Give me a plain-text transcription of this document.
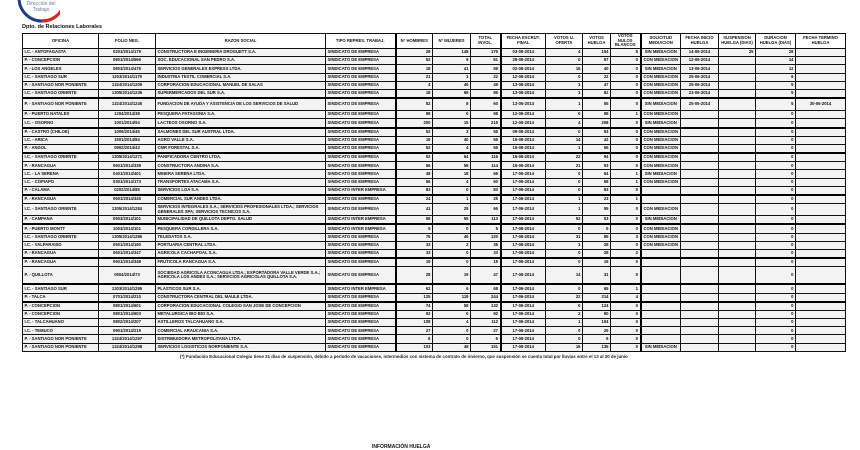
Dirección del
Trabajo
Dpto. de Relaciones Laborales
OFICINA	FOLIO NEG.	RAZON SOCIAL	TIPO REPRES. TRABAJ.	N° HOMBRES	N° MUJERES	TOTAL INVOL.	FECHA ESCRUT. FINAL	VOTOS U. OFERTA	VOTOS HUELGA	VOTOS NULOS BLANCOS	SOLICITUD MEDIACION	FECHA INICIO HUELGA	SUSPENSION HUELGA (DIAS)	DURACION HUELGA (DIAS)	FECHA TERMINO HUELGA
I.C. - ANTOFAGASTA	0201/2014/179	CONSTRUCTORA E INGENIERIA DROGUETT S.A.	SINDICATO DE EMPRESA	28	148	176	03-06-2014	4	154	5	SIN MEDIACION	14-06-2014	25	28	
P. - CONCEPCION	0801/2014/566	SOC. EDUCACIONAL SAN PEDRO S.A.	SINDICATO DE EMPRESA	52	9	61	28-05-2014	0	57	0	CON MEDIACION	12-06-2014		14	
P. - LOS ANGELES	0803/2014/475	SERVICIOS GENERALES EXPRESS LTDA.	SINDICATO DE EMPRESA	18	41	59	02-06-2014	16	40	0	SIN MEDIACION	13-06-2014		12	
I.C. - SANTIAGO SUR	1303/2014/1179	INDUSTRIA TEXTIL COMERCIAL S.A.	SINDICATO DE EMPRESA	21	1	22	12-06-2014	0	22	0	CON MEDIACION	25-06-2014		6	
P. - SANTIAGO NOR PONIENTE	1324/2014/1209	CORPORACION EDUCACIONAL MANUEL DE SALAS	SINDICATO DE EMPRESA	4	45	49	13-06-2014	1	47	0	CON MEDIACION	25-06-2014		5	
I.C. - SANTIAGO ORIENTE	1305/2014/1236	SUPERMERCADOS DEL SUR S.A.	SINDICATO DE EMPRESA	18	68	86	13-06-2014	1	82	0	CON MEDIACION	23-06-2014		5	
P. - SANTIAGO NOR PONIENTE	1324/2014/1245	FUNDACION DE AYUDA Y ASISTENCIA DE LOS SERVICIOS DE SALUD	SINDICATO DE EMPRESA	52	8	60	13-06-2014	1	55	0	SIN MEDIACION	25-06-2014		5	30-06-2014
P. - PUERTO NATALES	1204/2014/38	PESQUERA PATAGONIA S.A.	SINDICATO DE EMPRESA	98	0	98	12-06-2014	0	98	1	CON MEDIACION			0	
I.C. - OSORNO	1001/2014/94	LACTEOS OSORNO S.A.	SINDICATO DE EMPRESA	200	15	215	12-06-2014	4	208	0	SIN MEDIACION			0	
P. - CASTRO (CHILOE)	1005/2014/45	SALMONES DEL SUR AUSTRAL LTDA.	SINDICATO DE EMPRESA	52	3	55	09-06-2014	0	53	0	CON MEDIACION			0	
I.C. - ARICA	1501/2014/84	AGRO VALLE S.A.	SINDICATO DE EMPRESA	16	40	56	16-06-2014	14	42	0	CON MEDIACION			0	
P. - ANGOL	0902/2014/43	CMR FORESTAL S.A.	SINDICATO DE EMPRESA	52	4	56	16-06-2014	1	55	0	CON MEDIACION			0	
I.C. - SANTIAGO ORIENTE	1305/2014/1271	PANIFICADORA CENTRO LTDA.	SINDICATO DE EMPRESA	52	64	116	16-06-2014	22	94	0	CON MEDIACION			0	
P. - RANCAGUA	0601/2014/339	CONSTRUCTORA ANDINA S.A.	SINDICATO DE EMPRESA	56	58	114	16-06-2014	21	93	0	CON MEDIACION			0	
I.C. - LA SERENA	0401/2014/401	MINERA SERENA LTDA.	SINDICATO DE EMPRESA	48	18	66	17-06-2014	0	64	1	SIN MEDIACION			0	
I.C. - COPIAPO	0301/2014/173	TRANSPORTES ATACAMA S.A.	SINDICATO DE EMPRESA	56	4	60	17-06-2014	0	58	1	CON MEDIACION			0	
P. - CALAMA	0202/2014/85	SERVICIOS LOA S.A.	SINDICATO INTER EMPRESA	83	0	83	17-06-2014	0	83	0				0	
P. - RANCAGUA	0601/2014/345	COMERCIAL SUR ANDES LTDA.	SINDICATO DE EMPRESA	24	1	25	17-06-2014	1	23	1				0	
I.C. - SANTIAGO ORIENTE	1305/2014/1284	SERVICIOS INTEGRALES S.A.; SERVICIOS PROFESIONALES LTDA.; SERVICIOS GENERALES SPA; SERVICIOS TECNICOS S.A.	SINDICATO DE EMPRESA	41	25	66	17-06-2014	1	55	0	CON MEDIACION			0	
P. - CAMPANA	0503/2014/101	MUNICIPALIDAD DE QUILLOTA DEPTO. SALUD	SINDICATO INTER EMPRESA	58	55	113	17-06-2014	52	53	0	SIN MEDIACION			0	
P. - PUERTO MONTT	1003/2014/101	PESQUERA CORDILLERA S.A.	SINDICATO INTER EMPRESA	5	0	5	17-06-2014	0	5	0	CON MEDIACION			0	
I.C. - SANTIAGO ORIENTE	1305/2014/1286	TELEDATOS S.A.	SINDICATO DE EMPRESA	75	45	120	17-06-2014	31	85	3	CON MEDIACION			0	
I.C. - VALPARAISO	0501/2014/190	PORTUARIA CENTRAL LTDA.	SINDICATO DE EMPRESA	33	2	35	17-06-2014	1	28	0	CON MEDIACION			0	
P. - RANCAGUA	0601/2014/347	AGRICOLA CACHAPOAL S.A.	SINDICATO DE EMPRESA	33	0	33	17-06-2014	0	28	2				0	
P. - RANCAGUA	0601/2014/348	FRUTICOLA RANCAGUA S.A.	SINDICATO DE EMPRESA	19	0	19	17-06-2014	0	19	0				0	
P. - QUILLOTA	0504/2014/73	SOCIEDAD AGRICOLA ACONCAGUA LTDA.; EXPORTADORA VALLE VERDE S.A.; AGRICOLA LOS ANDES S.A.; SERVICIOS AGRICOLAS QUILLOTA S.A.	SINDICATO DE EMPRESA	28	19	47	17-06-2014	14	31	0				0	
I.C. - SANTIAGO SUR	1303/2014/1295	PLASTICOS SUR S.A.	SINDICATO INTER EMPRESA	62	6	68	17-06-2014	0	65	1				0	
P. - TALCA	0701/2014/210	CONSTRUCTORA CENTRAL DEL MAULE LTDA.	SINDICATO DE EMPRESA	125	119	244	17-06-2014	22	214	4				0	
P. - CONCEPCION	0801/2014/601	CORPORACION EDUCACIONAL COLEGIO SAN JOSE DE CONCEPCION	SINDICATO DE EMPRESA	74	58	132	17-06-2014	0	124	0				0	
P. - CONCEPCION	0801/2014/603	METALURGICA BIO BIO S.A.	SINDICATO DE EMPRESA	92	0	92	17-06-2014	2	90	0				0	
I.C. - TALCAHUANO	0802/2014/207	ASTILLEROS TALCAHUANO S.A.	SINDICATO DE EMPRESA	108	4	112	17-06-2014	1	104	0				0	
I.C. - TEMUCO	0901/2014/219	COMERCIAL ARAUCANIA S.A.	SINDICATO DE EMPRESA	27	0	27	17-06-2014	0	25	0				0	
P. - SANTIAGO NOR PONIENTE	1324/2014/1297	DISTRIBUIDORA METROPOLITANA LTDA.	SINDICATO DE EMPRESA	6	0	6	17-06-2014	0	6	0				0	
P. - SANTIAGO NOR PONIENTE	1324/2014/1298	SERVICIOS LOGISTICOS NORPONIENTE S.A.	SINDICATO DE EMPRESA	103	48	151	17-06-2014	16	135	0	SIN MEDIACION			0	
(*) Fundación Educacional Colegio tiene 31 días de suspensión, debido a período de vacaciones, intermedios con sistema de contrato de invierno, que suspensión se cuenta total por lluvias entre el 13 al 30 de junio
INFORMACIÓN HUELGA
